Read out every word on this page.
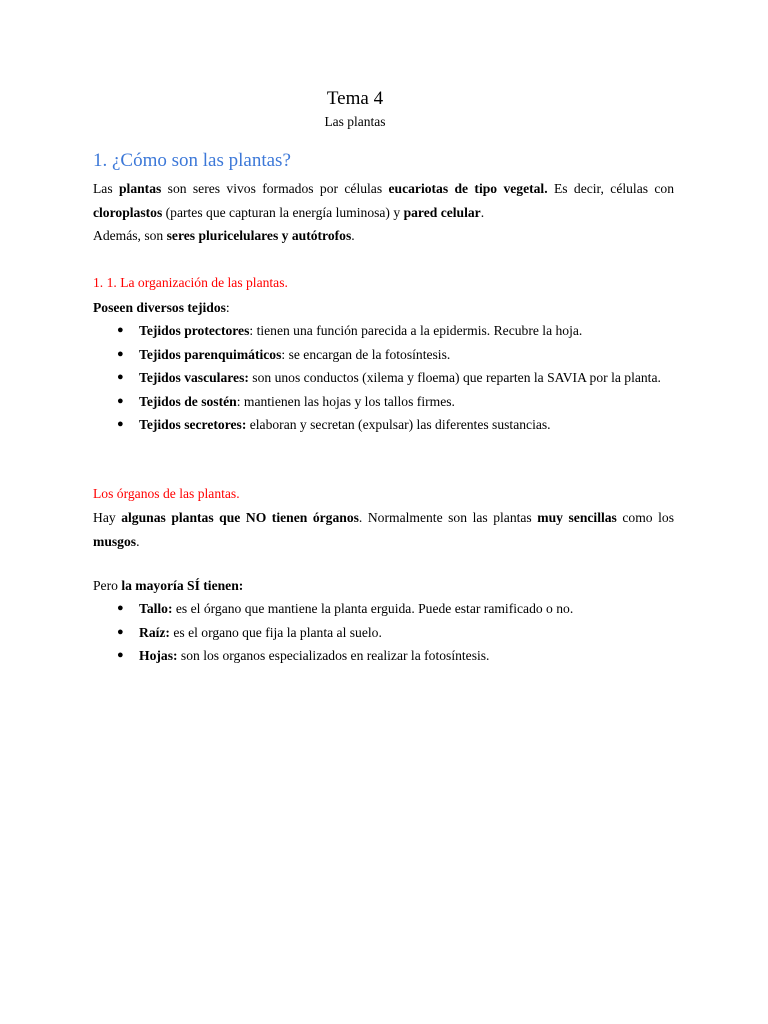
Tema 4
Las plantas
1. ¿Cómo son las plantas?
Las plantas son seres vivos formados por células eucariotas de tipo vegetal. Es decir, células con cloroplastos (partes que capturan la energía luminosa) y pared celular.
Además, son seres pluricelulares y autótrofos.
1. 1. La organización de las plantas.
Poseen diversos tejidos:
● Tejidos protectores: tienen una función parecida a la epidermis. Recubre la hoja.
● Tejidos parenquimáticos: se encargan de la fotosíntesis.
● Tejidos vasculares: son unos conductos (xilema y floema) que reparten la SAVIA por la planta.
● Tejidos de sostén: mantienen las hojas y los tallos firmes.
● Tejidos secretores: elaboran y secretan (expulsar) las diferentes sustancias.
Los órganos de las plantas.
Hay algunas plantas que NO tienen órganos. Normalmente son las plantas muy sencillas como los musgos.
Pero la mayoría SÍ tienen:
● Tallo: es el órgano que mantiene la planta erguida. Puede estar ramificado o no.
● Raíz: es el organo que fija la planta al suelo.
● Hojas: son los organos especializados en realizar la fotosíntesis.
